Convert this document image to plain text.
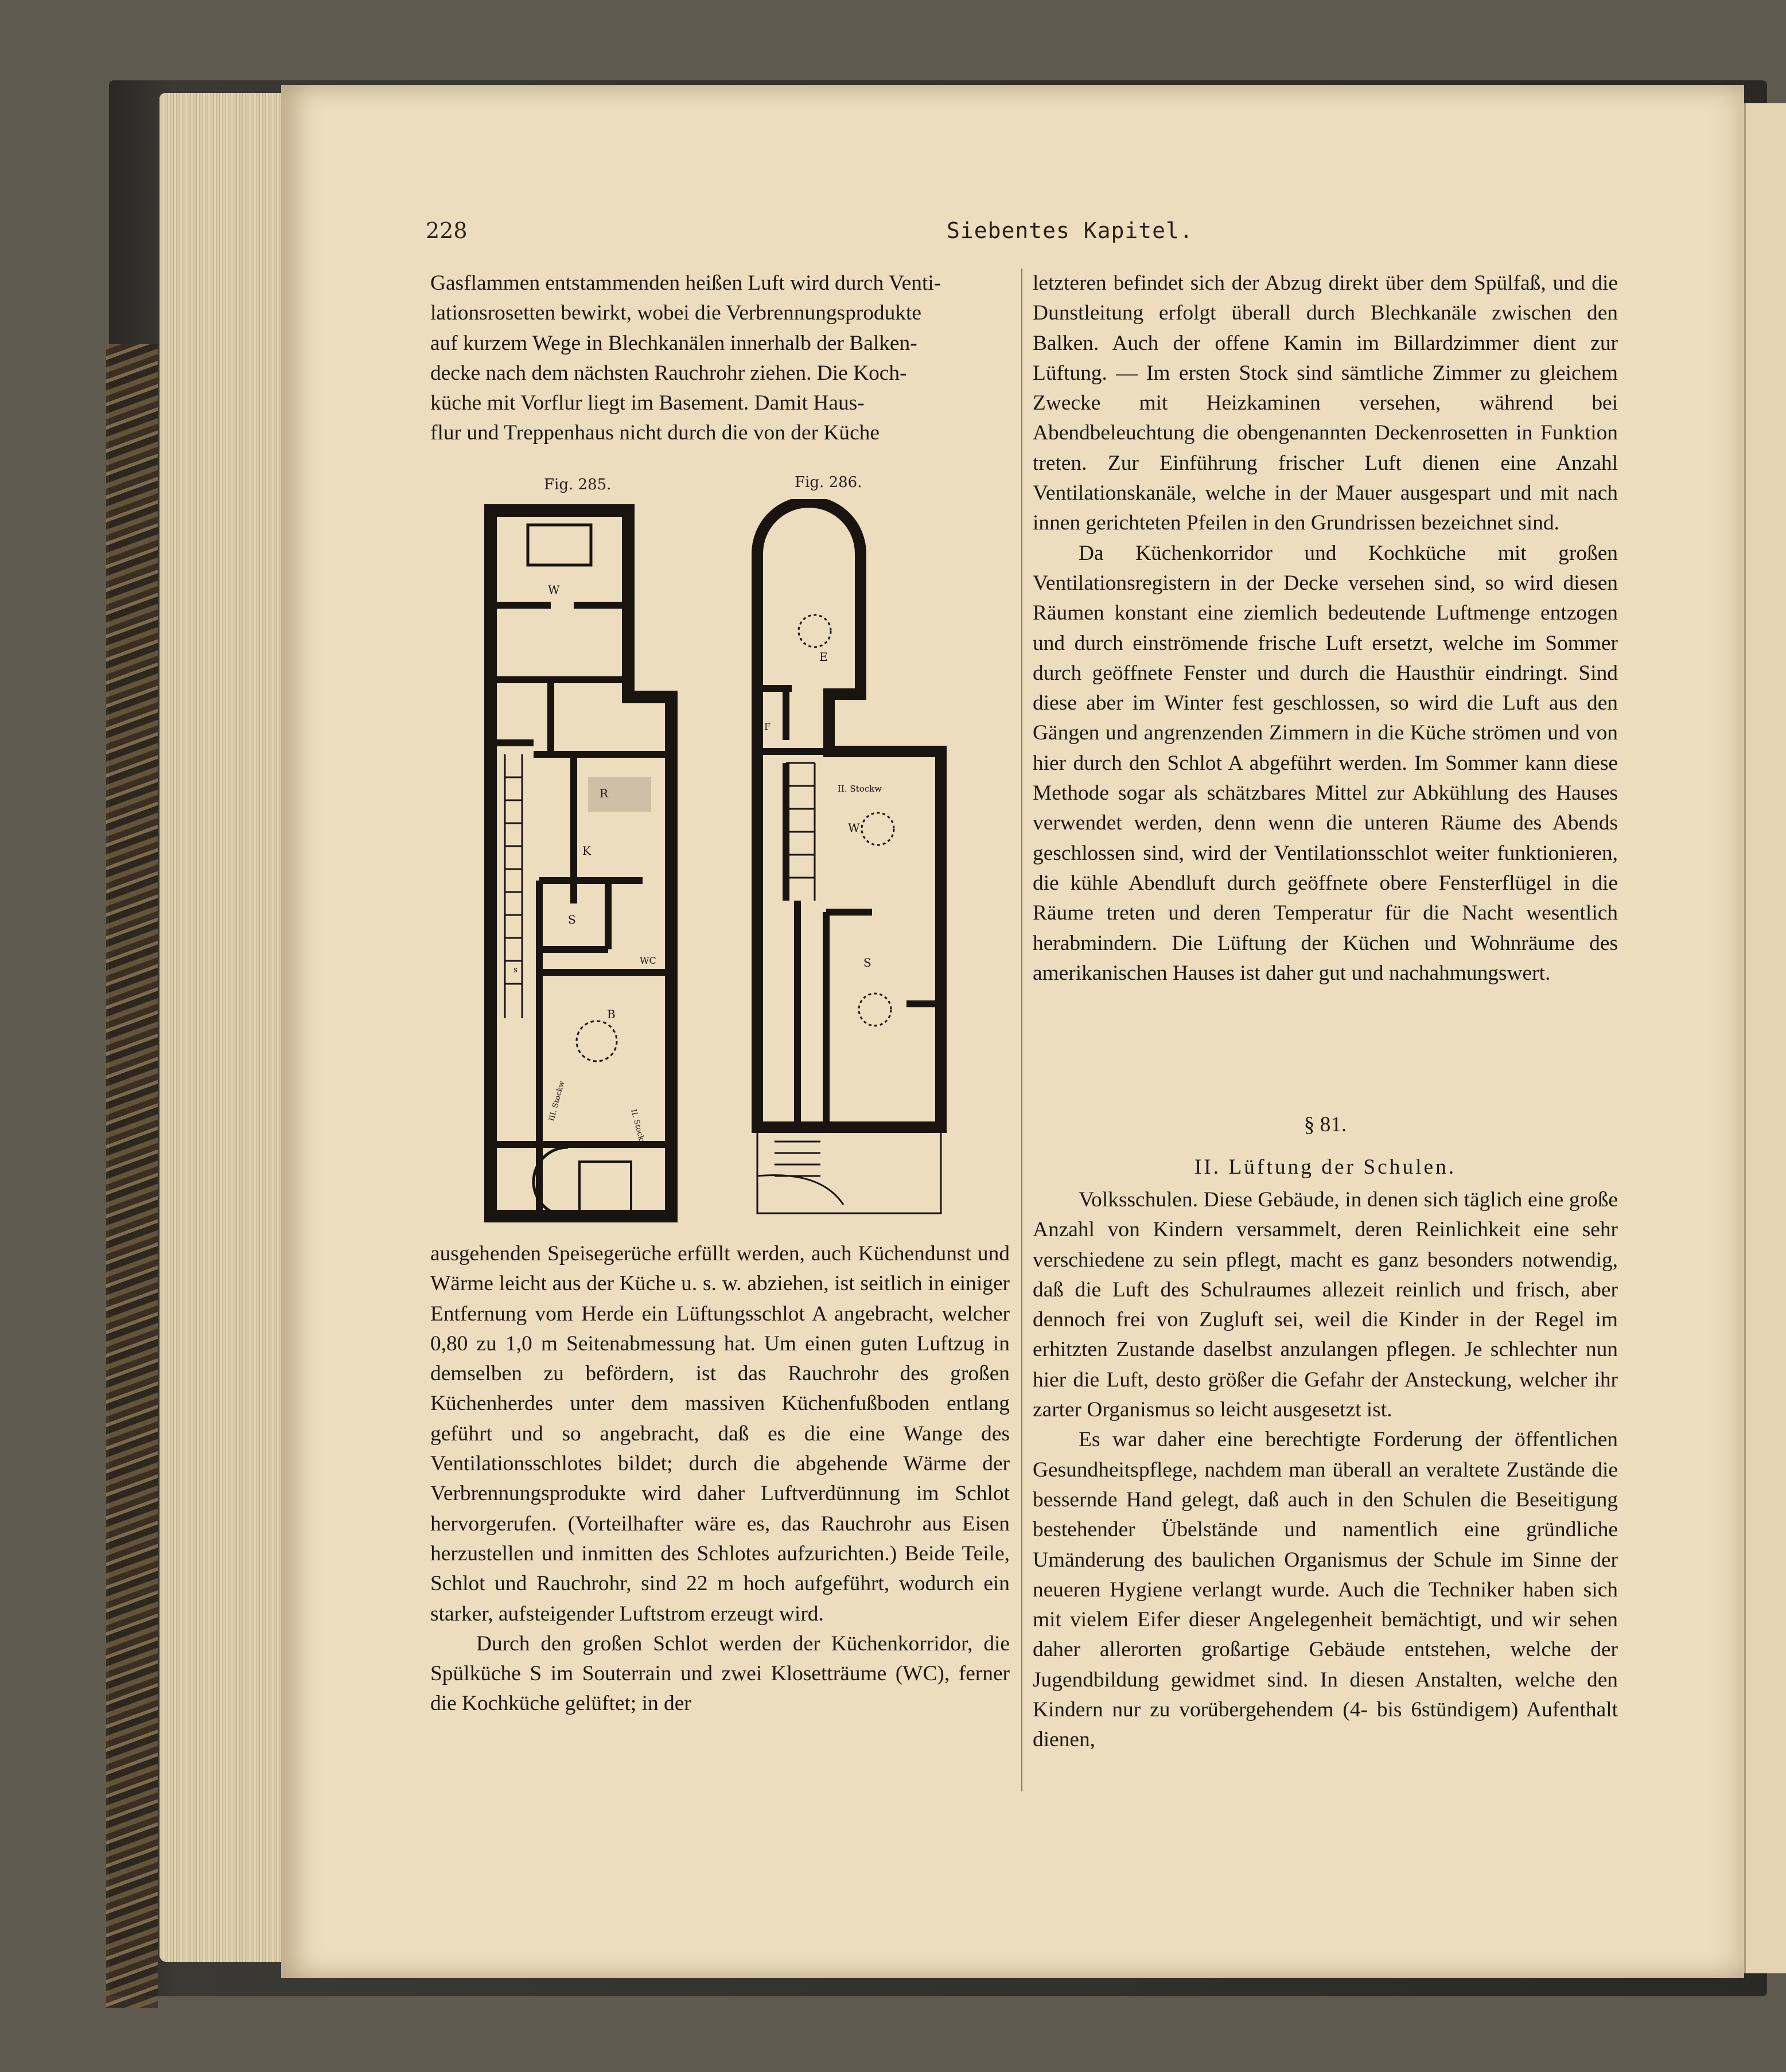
228	Siebentes Kapitel.

Gasflammen entstammenden heißen Luft wird durch Venti-

lationsrosetten bewirkt, wobei die Verbrennungsprodukte

auf kurzem Wege in Blechkanälen innerhalb der Balken-

decke nach dem nächsten Rauchrohr ziehen. Die Koch-

küche mit Vorflur liegt im Basement. Damit Haus-

flur und Treppenhaus nicht durch die von der Küche

Fig. 285.	Fig. 286.
W
R
K
S
WC
B
s
III. Stockw
II. Stockw
E
F
II. Stockw
W
S

ausgehenden Speisegerüche erfüllt werden, auch Küchendunst und Wärme leicht aus der Küche u. s. w. abziehen, ist seitlich in einiger Entfernung vom Herde ein Lüftungsschlot A angebracht, welcher 0,80 zu 1,0 m Seitenabmessung hat. Um einen guten Luftzug in demselben zu befördern, ist das Rauchrohr des großen Küchenherdes unter dem massiven Küchenfußboden entlang geführt und so angebracht, daß es die eine Wange des Ventilationsschlotes bildet; durch die abgehende Wärme der Verbrennungsprodukte wird daher Luftverdünnung im Schlot hervorgerufen. (Vorteilhafter wäre es, das Rauchrohr aus Eisen herzustellen und inmitten des Schlotes aufzurichten.) Beide Teile, Schlot und Rauchrohr, sind 22 m hoch aufgeführt, wodurch ein starker, aufsteigender Luftstrom erzeugt wird.

Durch den großen Schlot werden der Küchenkorridor, die Spülküche S im Souterrain und zwei Klosetträume (WC), ferner die Kochküche gelüftet; in der

letzteren befindet sich der Abzug direkt über dem Spülfaß, und die Dunstleitung erfolgt überall durch Blechkanäle zwischen den Balken. Auch der offene Kamin im Billardzimmer dient zur Lüftung. — Im ersten Stock sind sämtliche Zimmer zu gleichem Zwecke mit Heizkaminen versehen, während bei Abendbeleuchtung die obengenannten Deckenrosetten in Funktion treten. Zur Einführung frischer Luft dienen eine Anzahl Ventilationskanäle, welche in der Mauer ausgespart und mit nach innen gerichteten Pfeilen in den Grundrissen bezeichnet sind.

Da Küchenkorridor und Kochküche mit großen Ventilationsregistern in der Decke versehen sind, so wird diesen Räumen konstant eine ziemlich bedeutende Luftmenge entzogen und durch einströmende frische Luft ersetzt, welche im Sommer durch geöffnete Fenster und durch die Hausthür eindringt. Sind diese aber im Winter fest geschlossen, so wird die Luft aus den Gängen und angrenzenden Zimmern in die Küche strömen und von hier durch den Schlot A abgeführt werden. Im Sommer kann diese Methode sogar als schätzbares Mittel zur Abkühlung des Hauses verwendet werden, denn wenn die unteren Räume des Abends geschlossen sind, wird der Ventilationsschlot weiter funktionieren, die kühle Abendluft durch geöffnete obere Fensterflügel in die Räume treten und deren Temperatur für die Nacht wesentlich herabmindern. Die Lüftung der Küchen und Wohnräume des amerikanischen Hauses ist daher gut und nachahmungswert.

§ 81.

II. Lüftung der Schulen.

Volksschulen. Diese Gebäude, in denen sich täglich eine große Anzahl von Kindern versammelt, deren Reinlichkeit eine sehr verschiedene zu sein pflegt, macht es ganz besonders notwendig, daß die Luft des Schulraumes allezeit reinlich und frisch, aber dennoch frei von Zugluft sei, weil die Kinder in der Regel im erhitzten Zustande daselbst anzulangen pflegen. Je schlechter nun hier die Luft, desto größer die Gefahr der Ansteckung, welcher ihr zarter Organismus so leicht ausgesetzt ist.

Es war daher eine berechtigte Forderung der öffentlichen Gesundheitspflege, nachdem man überall an veraltete Zustände die bessernde Hand gelegt, daß auch in den Schulen die Beseitigung bestehender Übelstände und namentlich eine gründliche Umänderung des baulichen Organismus der Schule im Sinne der neueren Hygiene verlangt wurde. Auch die Techniker haben sich mit vielem Eifer dieser Angelegenheit bemächtigt, und wir sehen daher allerorten großartige Gebäude entstehen, welche der Jugendbildung gewidmet sind. In diesen Anstalten, welche den Kindern nur zu vorübergehendem (4- bis 6stündigem) Aufenthalt dienen,
